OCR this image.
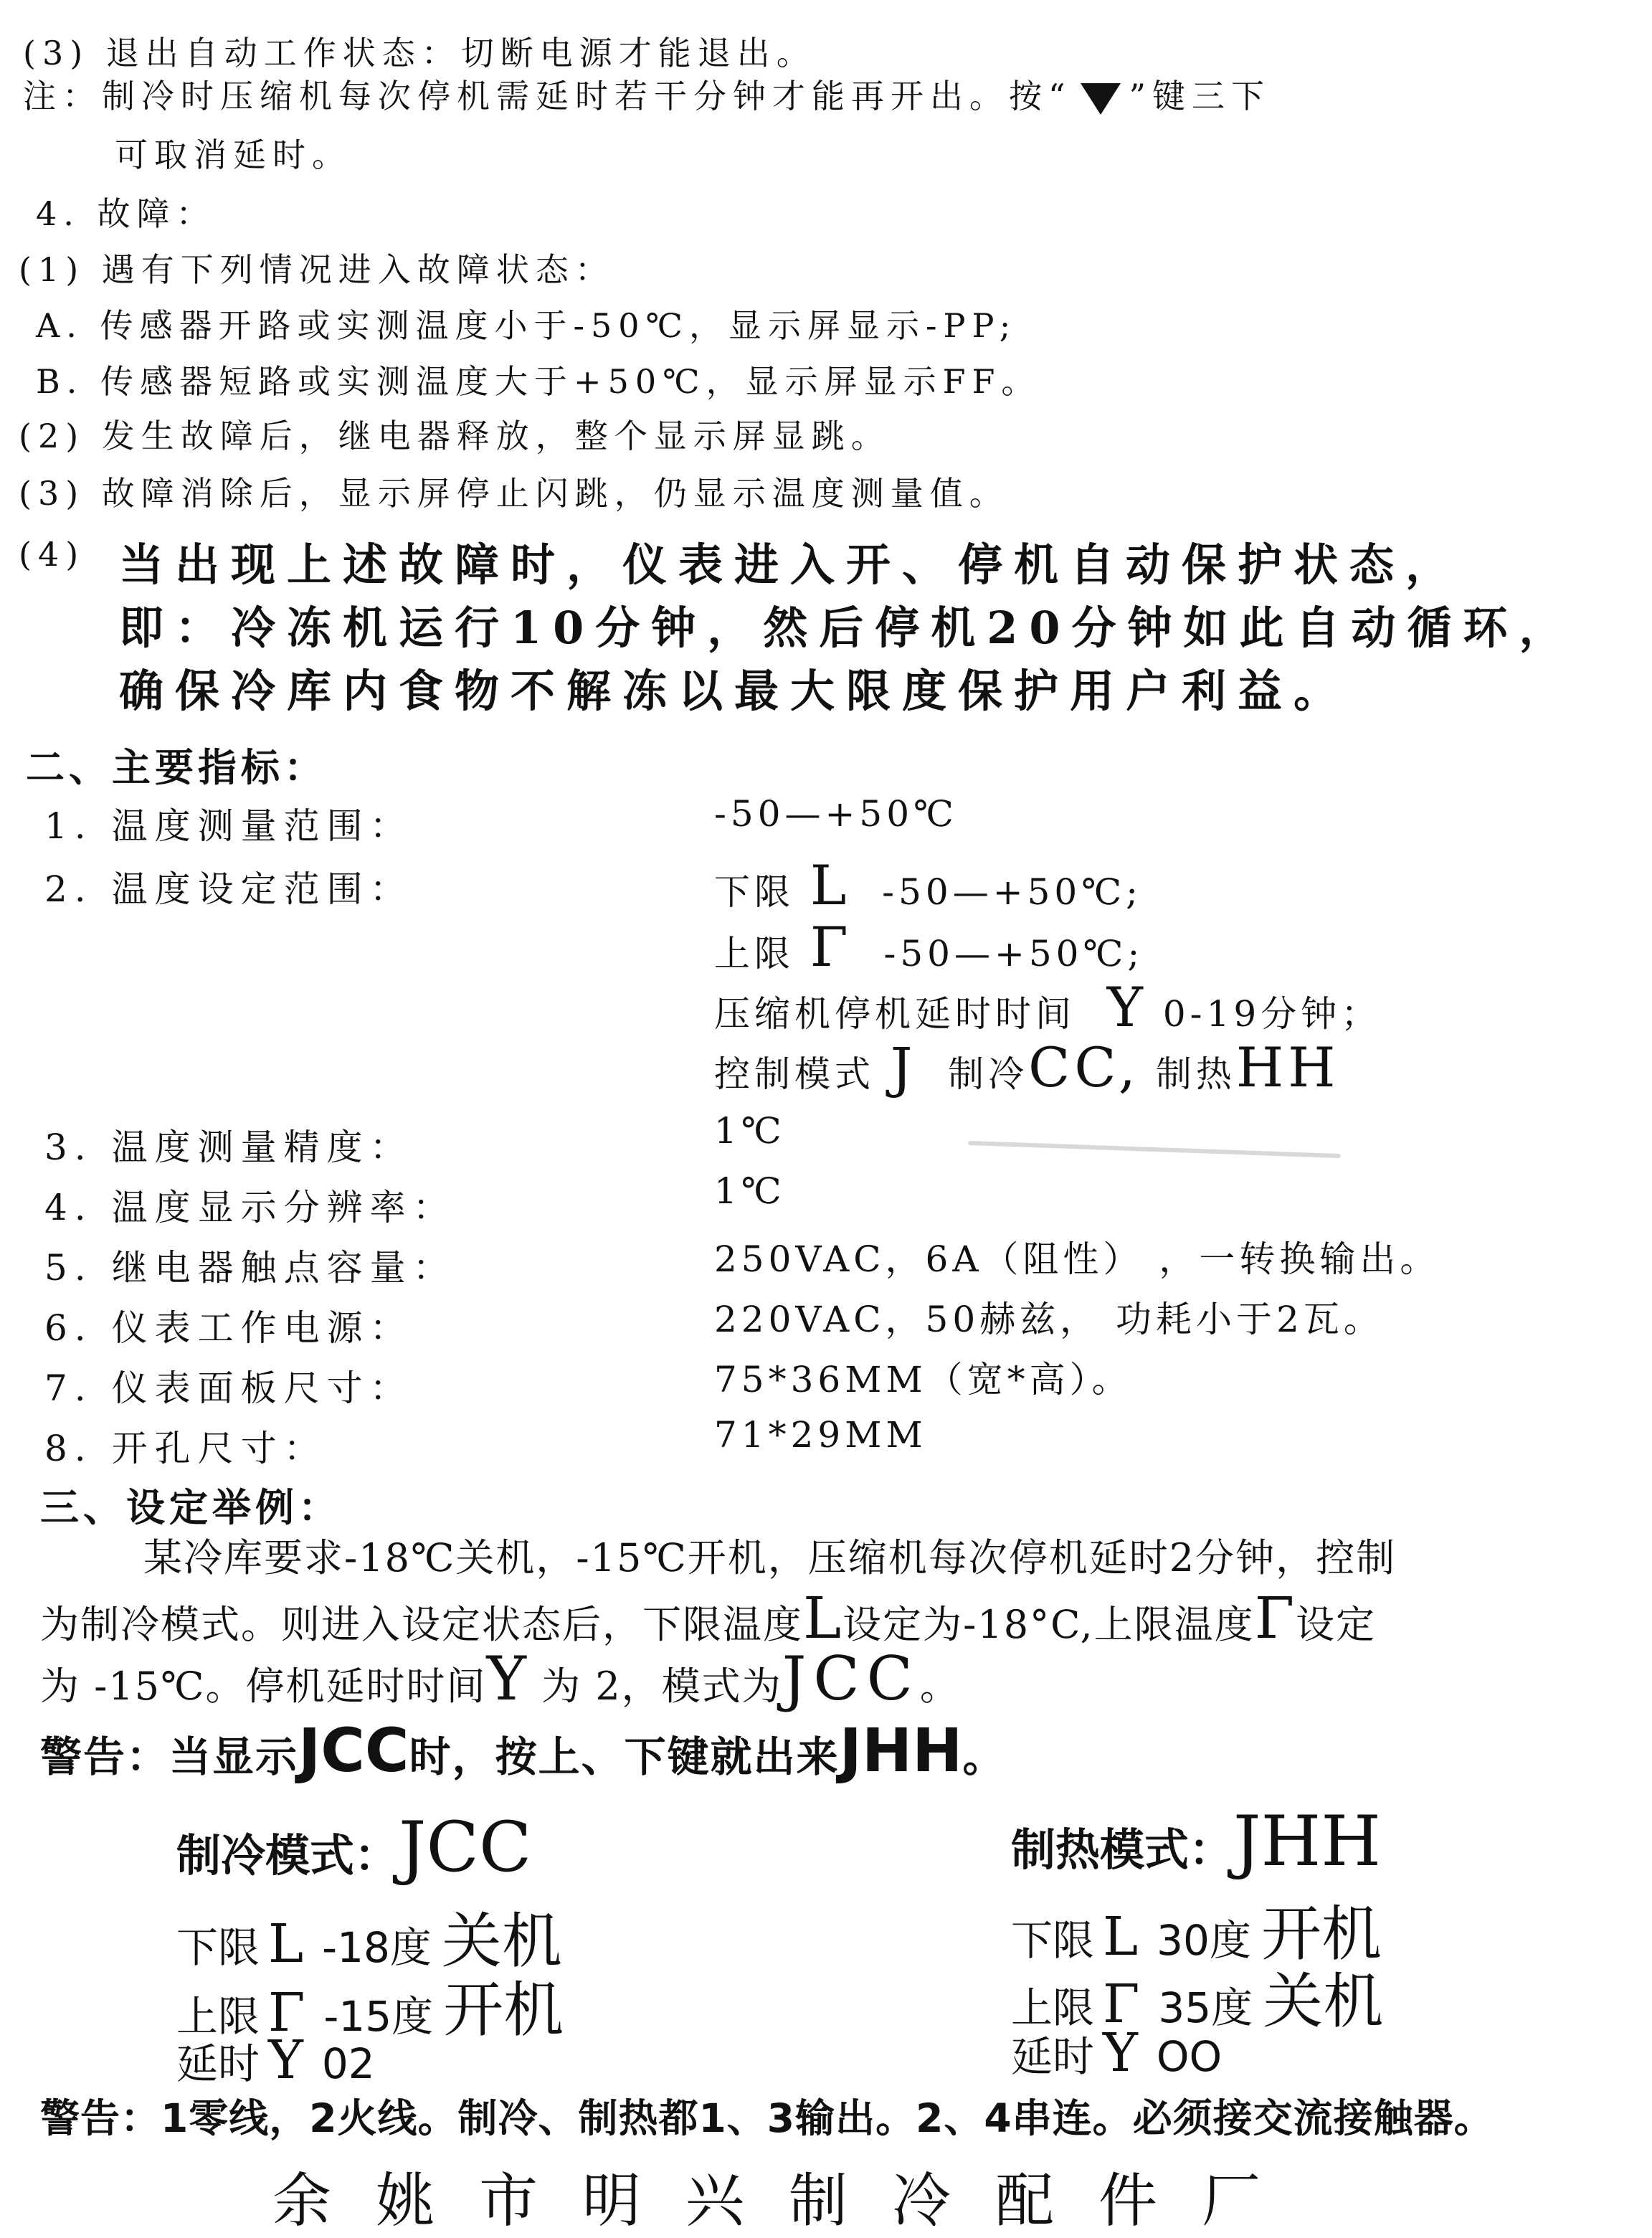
(3) 退出自动工作状态：切断电源才能退出。
注：制冷时压缩机每次停机需延时若干分钟才能再开出。按“ ”键三下
可取消延时。
4. 故障：
(1) 遇有下列情况进入故障状态：
A. 传感器开路或实测温度小于-50℃，显示屏显示-PP;
B. 传感器短路或实测温度大于+50℃，显示屏显示FF。
(2) 发生故障后，继电器释放，整个显示屏显跳。
(3) 故障消除后，显示屏停止闪跳，仍显示温度测量值。
(4) 当出现上述故障时，仪表进入开、停机自动保护状态，
即：冷冻机运行10分钟，然后停机20分钟如此自动循环，
确保冷库内食物不解冻以最大限度保护用户利益。
二、主要指标：
1. 温度测量范围：	-50—+50℃
2. 温度设定范围：	下限 L -50—+50℃;
上限 Γ -50—+50℃;
压缩机停机延时时间 Y 0-19分钟；
控制模式 J 制冷CC, 制热HH
3. 温度测量精度：	1℃
4. 温度显示分辨率：	1℃
5. 继电器触点容量：	250VAC，6A（阻性） ，一转换输出。
6. 仪表工作电源：	220VAC，50赫兹， 功耗小于2瓦。
7. 仪表面板尺寸：	75*36MM（宽*高）。
8. 开孔尺寸：	71*29MM
三、设定举例：
某冷库要求-18℃关机，-15℃开机，压缩机每次停机延时2分钟，控制
为制冷模式。则进入设定状态后，下限温度L设定为-18°C,上限温度Γ设定
为 -15℃。停机延时时间Y 为 2，模式为JCC。
警告：当显示JCC时，按上、下键就出来JHH。
制冷模式：JCC
下限 L -18度 关机
上限 Γ -15度 开机
延时 Y 02
制热模式：JHH
下限 L 30度 开机
上限 Γ 35度 关机
延时 Y OO
警告：1零线，2火线。制冷、制热都1、3输出。2、4串连。必须接交流接触器。
余姚市明兴制冷配件厂
